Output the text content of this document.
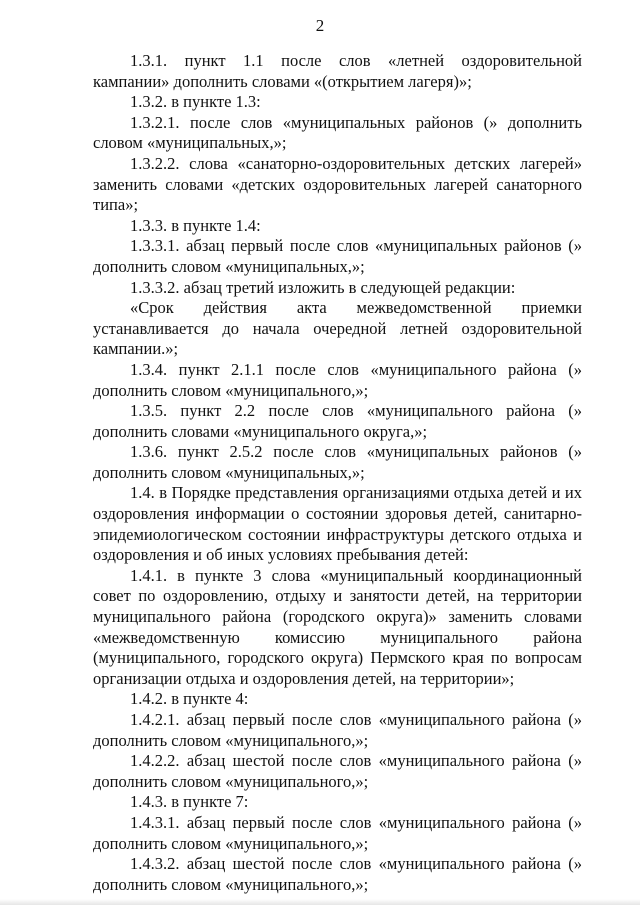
2

1.3.1. пункт 1.1 после слов «летней оздоровительной кампании» дополнить словами «(открытием лагеря)»;

1.3.2. в пункте 1.3:

1.3.2.1. после слов «муниципальных районов (» дополнить словом «муниципальных,»;

1.3.2.2. слова «санаторно-оздоровительных детских лагерей» заменить словами «детских оздоровительных лагерей санаторного типа»;

1.3.3. в пункте 1.4:

1.3.3.1. абзац первый после слов «муниципальных районов (» дополнить словом «муниципальных,»;

1.3.3.2. абзац третий изложить в следующей редакции:

«Срок действия акта межведомственной приемки устанавливается до начала очередной летней оздоровительной кампании.»;

1.3.4. пункт 2.1.1 после слов «муниципального района (» дополнить словом «муниципального,»;

1.3.5. пункт 2.2 после слов «муниципального района (» дополнить словами «муниципального округа,»;

1.3.6. пункт 2.5.2 после слов «муниципальных районов (» дополнить словом «муниципальных,»;

1.4. в Порядке представления организациями отдыха детей и их оздоровления информации о состоянии здоровья детей, санитарно-эпидемиологическом состоянии инфраструктуры детского отдыха и оздоровления и об иных условиях пребывания детей:

1.4.1. в пункте 3 слова «муниципальный координационный совет по оздоровлению, отдыху и занятости детей, на территории муниципального района (городского округа)» заменить словами «межведомственную комиссию муниципального района (муниципального, городского округа) Пермского края по вопросам организации отдыха и оздоровления детей, на территории»;

1.4.2. в пункте 4:

1.4.2.1. абзац первый после слов «муниципального района (» дополнить словом «муниципального,»;

1.4.2.2. абзац шестой после слов «муниципального района (» дополнить словом «муниципального,»;

1.4.3. в пункте 7:

1.4.3.1. абзац первый после слов «муниципального района (» дополнить словом «муниципального,»;

1.4.3.2. абзац шестой после слов «муниципального района (» дополнить словом «муниципального,»;
